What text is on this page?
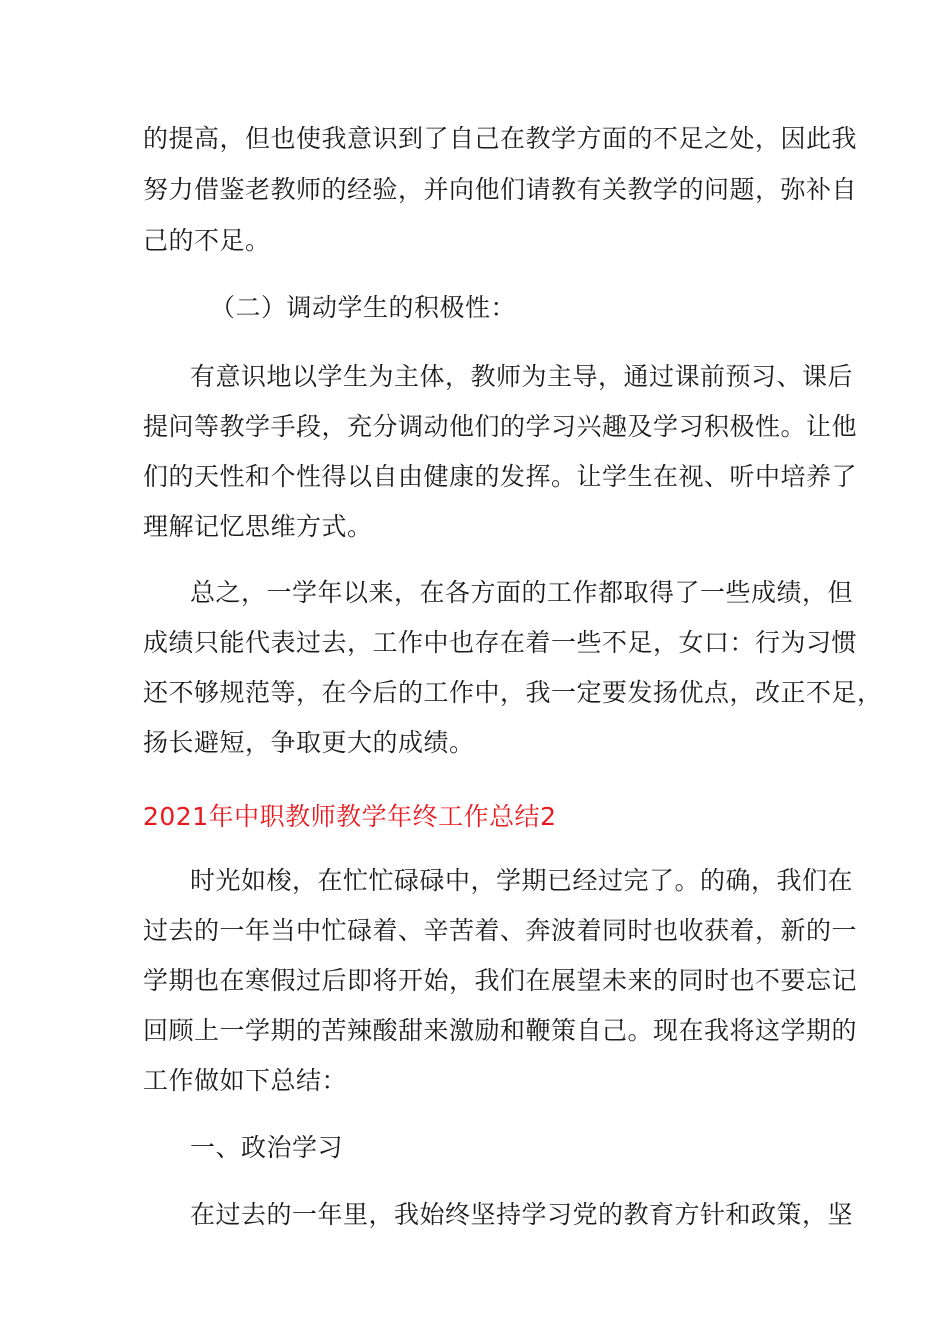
的提高，但也使我意识到了自己在教学方面的不足之处，因此我
努力借鉴老教师的经验，并向他们请教有关教学的问题，弥补自
己的不足。
（二）调动学生的积极性：
有意识地以学生为主体，教师为主导，通过课前预习、课后
提问等教学手段，充分调动他们的学习兴趣及学习积极性。让他
们的天性和个性得以自由健康的发挥。让学生在视、听中培养了
理解记忆思维方式。
总之，一学年以来，在各方面的工作都取得了一些成绩，但
成绩只能代表过去，工作中也存在着一些不足，女口：行为习惯
还不够规范等，在今后的工作中，我一定要发扬优点，改正不足，
扬长避短，争取更大的成绩。
2021年中职教师教学年终工作总结2
时光如梭，在忙忙碌碌中，学期已经过完了。的确，我们在
过去的一年当中忙碌着、辛苦着、奔波着同时也收获着，新的一
学期也在寒假过后即将开始，我们在展望未来的同时也不要忘记
回顾上一学期的苦辣酸甜来激励和鞭策自己。现在我将这学期的
工作做如下总结：
一、政治学习
在过去的一年里，我始终坚持学习党的教育方针和政策，坚
